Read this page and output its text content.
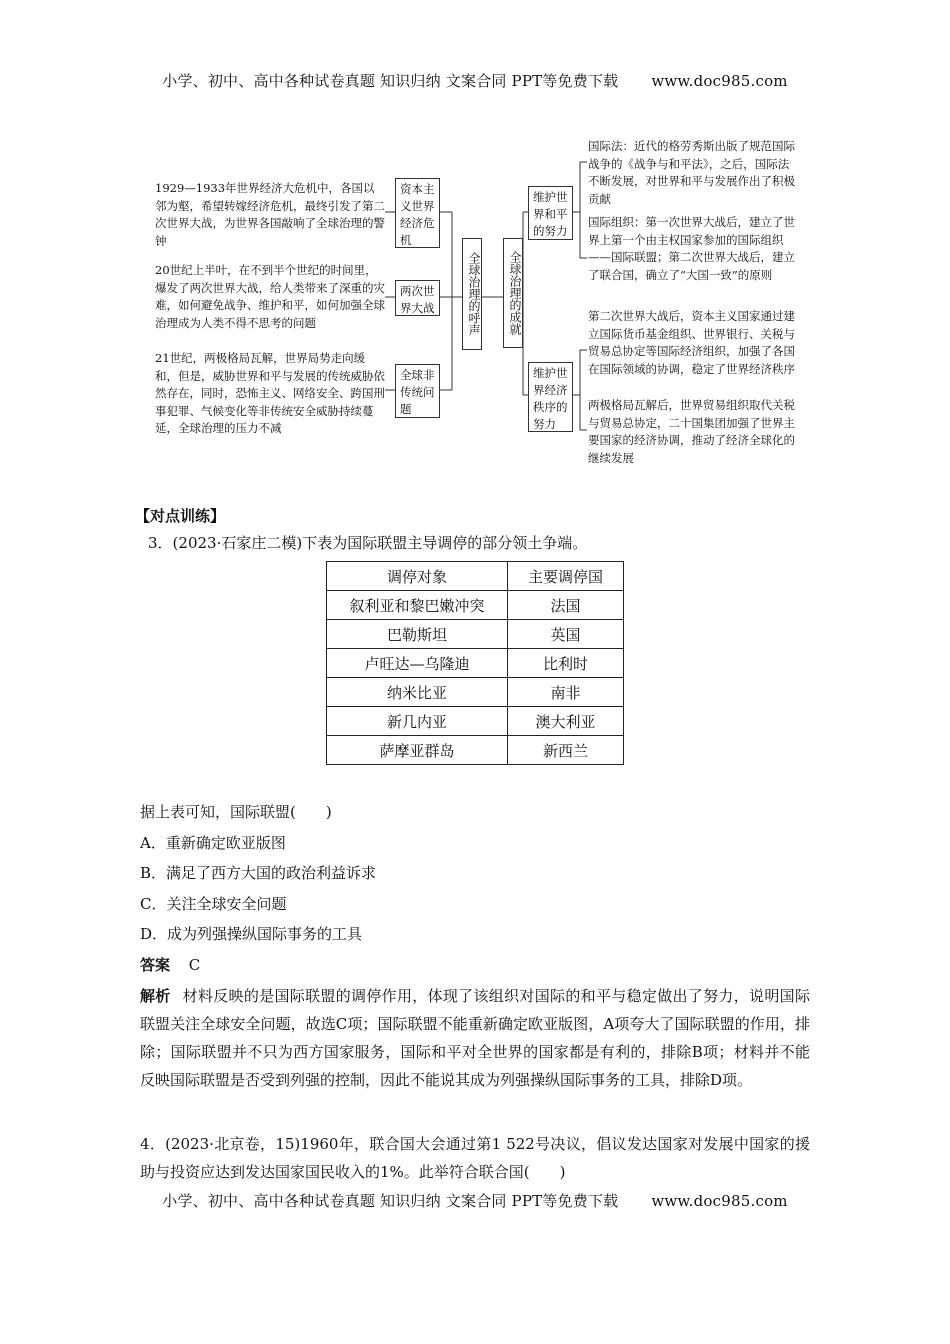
小学、初中、高中各种试卷真题 知识归纳 文案合同 PPT等免费下载 www.doc985.com
1929—1933年世界经济大危机中，各国以邻为壑，希望转嫁经济危机，最终引发了第二次世界大战，为世界各国敲响了全球治理的警钟
20世纪上半叶，在不到半个世纪的时间里，爆发了两次世界大战，给人类带来了深重的灾难，如何避免战争、维护和平，如何加强全球治理成为人类不得不思考的问题
21世纪，两极格局瓦解，世界局势走向缓和，但是，威胁世界和平与发展的传统威胁依然存在，同时，恐怖主义、网络安全、跨国刑事犯罪、气候变化等非传统安全威胁持续蔓延，全球治理的压力不减
资本主义世界经济危机
两次世界大战
全球非传统问题
全球治理的呼声	全球治理的成就
维护世界和平的努力
维护世界经济秩序的努力
国际法：近代的格劳秀斯出版了规范国际战争的《战争与和平法》，之后，国际法不断发展，对世界和平与发展作出了积极贡献
国际组织：第一次世界大战后，建立了世界上第一个由主权国家参加的国际组织——国际联盟；第二次世界大战后，建立了联合国，确立了“大国一致”的原则
第二次世界大战后，资本主义国家通过建立国际货币基金组织、世界银行、关税与贸易总协定等国际经济组织，加强了各国在国际领域的协调，稳定了世界经济秩序
两极格局瓦解后，世界贸易组织取代关税与贸易总协定，二十国集团加强了世界主要国家的经济协调，推动了经济全球化的继续发展
【对点训练】
3．(2023·石家庄二模)下表为国际联盟主导调停的部分领土争端。
调停对象	主要调停国
叙利亚和黎巴嫩冲突	法国
巴勒斯坦	英国
卢旺达—乌隆迪	比利时
纳米比亚	南非
新几内亚	澳大利亚
萨摩亚群岛	新西兰
据上表可知，国际联盟(　　)
A．重新确定欧亚版图
B．满足了西方大国的政治利益诉求
C．关注全球安全问题
D．成为列强操纵国际事务的工具
答案 C
解析 材料反映的是国际联盟的调停作用，体现了该组织对国际的和平与稳定做出了努力，说明国际联盟关注全球安全问题，故选C项；国际联盟不能重新确定欧亚版图，A项夸大了国际联盟的作用，排除；国际联盟并不只为西方国家服务，国际和平对全世界的国家都是有利的，排除B项；材料并不能反映国际联盟是否受到列强的控制，因此不能说其成为列强操纵国际事务的工具，排除D项。
4．(2023·北京卷，15)1960年，联合国大会通过第1 522号决议，倡议发达国家对发展中国家的援助与投资应达到发达国家国民收入的1%。此举符合联合国(　　)
小学、初中、高中各种试卷真题 知识归纳 文案合同 PPT等免费下载 www.doc985.com
